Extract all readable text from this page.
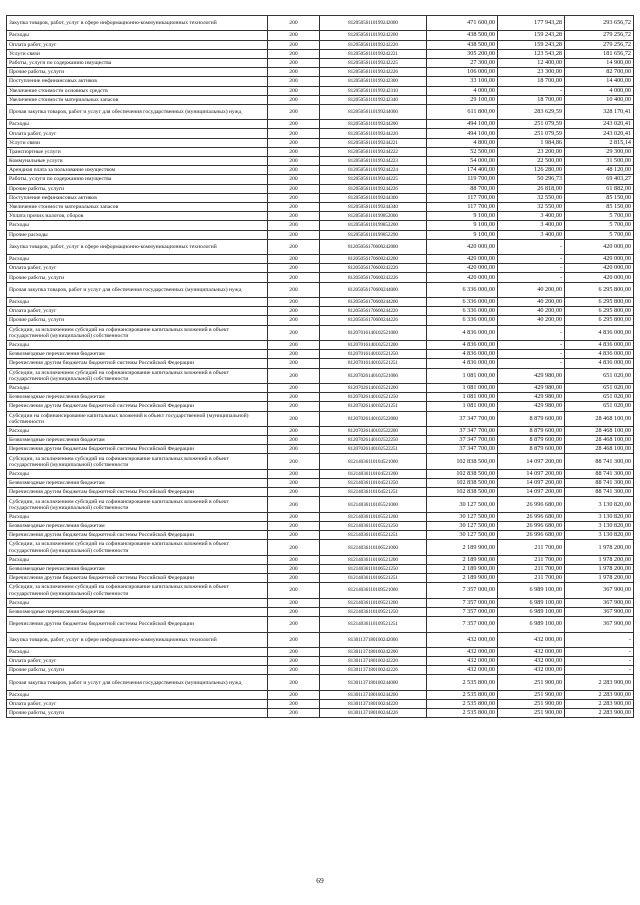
Закупка товаров, работ, услуг в сфере информационно-коммуникационных технологий	200	81205056110199242000	471 600,00	177 943,28	293 656,72
Расходы	200	81205056110199242200	438 500,00	159 243,28	279 256,72
Оплата работ, услуг	200	81205056110199242220	438 500,00	159 243,28	279 256,72
Услуги связи	200	81205056110199242221	305 200,00	123 543,28	181 656,72
Работы, услуги по содержанию имущества	200	81205056110199242225	27 300,00	12 400,00	14 900,00
Прочие работы, услуги	200	81205056110199242226	106 000,00	23 300,00	82 700,00
Поступление нефинансовых активов	200	81205056110199242300	33 100,00	18 700,00	14 400,00
Увеличение стоимости основных средств	200	81205056110199242310	4 000,00	-	4 000,00
Увеличение стоимости материальных запасов	200	81205056110199242340	29 100,00	18 700,00	10 400,00
Прочая закупка товаров, работ и услуг для обеспечения государственных (муниципальных) нужд	200	81205056110199244000	611 800,00	283 629,59	328 170,41
Расходы	200	81205056110199244200	494 100,00	251 079,59	243 020,41
Оплата работ, услуг	200	81205056110199244220	494 100,00	251 079,59	243 020,41
Услуги связи	200	81205056110199244221	4 800,00	1 984,86	2 815,14
Транспортные услуги	200	81205056110199244222	52 500,00	23 200,00	29 300,00
Коммунальные услуги	200	81205056110199244223	54 000,00	22 500,00	31 500,00
Арендная плата за пользование имуществом	200	81205056110199244224	174 400,00	126 280,00	48 120,00
Работы, услуги по содержанию имущества	200	81205056110199244225	119 700,00	50 296,73	69 403,27
Прочие работы, услуги	200	81205056110199244226	88 700,00	26 818,00	61 882,00
Поступление нефинансовых активов	200	81205056110199244300	117 700,00	32 550,00	85 150,00
Увеличение стоимости материальных запасов	200	81205056110199244340	117 700,00	32 550,00	85 150,00
Уплата прочих налогов, сборов	200	81205056110199852000	9 100,00	3 400,00	5 700,00
Расходы	200	81205056110199852200	9 100,00	3 400,00	5 700,00
Прочие расходы	200	81205056110199852290	9 100,00	3 400,00	5 700,00
Закупка товаров, работ, услуг в сфере информационно-коммуникационных технологий	200	81205056170600242000	420 000,00	-	420 000,00
Расходы	200	81205056170600242200	420 000,00	-	420 000,00
Оплата работ, услуг	200	81205056170600242220	420 000,00	-	420 000,00
Прочие работы, услуги	200	81205056170600242226	420 000,00	-	420 000,00
Прочая закупка товаров, работ и услуг для обеспечения государственных (муниципальных) нужд	200	81205056170600244000	6 336 000,00	40 200,00	6 295 800,00
Расходы	200	81205056170600244200	6 336 000,00	40 200,00	6 295 800,00
Оплата работ, услуг	200	81205056170600244220	6 336 000,00	40 200,00	6 295 800,00
Прочие работы, услуги	200	81205056170600244226	6 336 000,00	40 200,00	6 295 800,00
Субсидии, за исключением субсидий на софинансирование капитальных вложений в объект государственной (муниципальной) собственности	200	81207016140102521000	4 836 000,00	-	4 836 000,00
Расходы	200	81207016140102521200	4 836 000,00	-	4 836 000,00
Безвозмездные перечисления бюджетам	200	81207016140102521250	4 836 000,00	-	4 836 000,00
Перечисления другим бюджетам бюджетной системы Российской Федерации	200	81207016140102521251	4 836 000,00	-	4 836 000,00
Субсидии, за исключением субсидий на софинансирование капитальных вложений в объект государственной (муниципальной) собственности	200	81207026140102521000	1 081 000,00	429 980,00	651 020,00
Расходы	200	81207026140102521200	1 081 000,00	429 980,00	651 020,00
Безвозмездные перечисления бюджетам	200	81207026140102521250	1 081 000,00	429 980,00	651 020,00
Перечисления другим бюджетам бюджетной системы Российской Федерации	200	81207026140102521251	1 081 000,00	429 980,00	651 020,00
Субсидии на софинансирование капитальных вложений в объект государственной (муниципальной) собственности	200	81207026140102522000	37 347 700,00	8 879 600,00	28 468 100,00
Расходы	200	81207026140102522200	37 347 700,00	8 879 600,00	28 468 100,00
Безвозмездные перечисления бюджетам	200	81207026140102522250	37 347 700,00	8 879 600,00	28 468 100,00
Перечисления другим бюджетам бюджетной системы Российской Федерации	200	81207026140102522251	37 347 700,00	8 879 600,00	28 468 100,00
Субсидии, за исключением субсидий на софинансирование капитальных вложений в объект государственной (муниципальной) собственности	200	81214036110104521000	102 838 500,00	14 097 200,00	88 741 300,00
Расходы	200	81214036110104521200	102 838 500,00	14 097 200,00	88 741 300,00
Безвозмездные перечисления бюджетам	200	81214036110104521250	102 838 500,00	14 097 200,00	88 741 300,00
Перечисления другим бюджетам бюджетной системы Российской Федерации	200	81214036110104521251	102 838 500,00	14 097 200,00	88 741 300,00
Субсидии, за исключением субсидий на софинансирование капитальных вложений в объект государственной (муниципальной) собственности	200	81214036110105521000	30 127 500,00	26 996 680,00	3 130 820,00
Расходы	200	81214036110105521200	30 127 500,00	26 996 680,00	3 130 820,00
Безвозмездные перечисления бюджетам	200	81214036110105521250	30 127 500,00	26 996 680,00	3 130 820,00
Перечисления другим бюджетам бюджетной системы Российской Федерации	200	81214036110105521251	30 127 500,00	26 996 680,00	3 130 820,00
Субсидии, за исключением субсидий на софинансирование капитальных вложений в объект государственной (муниципальной) собственности	200	81214036110106521000	2 189 900,00	211 700,00	1 978 200,00
Расходы	200	81214036110106521200	2 189 900,00	211 700,00	1 978 200,00
Безвозмездные перечисления бюджетам	200	81214036110106521250	2 189 900,00	211 700,00	1 978 200,00
Перечисления другим бюджетам бюджетной системы Российской Федерации	200	81214036110106521251	2 189 900,00	211 700,00	1 978 200,00
Субсидии, за исключением субсидий на софинансирование капитальных вложений в объект государственной (муниципальной) собственности	200	81214036110109521000	7 357 000,00	6 989 100,00	367 900,00
Расходы	200	81214036110109521200	7 357 000,00	6 989 100,00	367 900,00
Безвозмездные перечисления бюджетам	200	81214036110109521250	7 357 000,00	6 989 100,00	367 900,00
Перечисления другим бюджетам бюджетной системы Российской Федерации	200	81214036110109521251	7 357 000,00	6 989 100,00	367 900,00
Закупка товаров, работ, услуг в сфере информационно-коммуникационных технологий	200	81301137180100242000	432 000,00	432 000,00	-
Расходы	200	81301137180100242200	432 000,00	432 000,00	-
Оплата работ, услуг	200	81301137180100242220	432 000,00	432 000,00	-
Прочие работы, услуги	200	81301137180100242226	432 000,00	432 000,00	-
Прочая закупка товаров, работ и услуг для обеспечения государственных (муниципальных) нужд	200	81301137180100244000	2 535 800,00	251 900,00	2 283 900,00
Расходы	200	81301137180100244200	2 535 800,00	251 900,00	2 283 900,00
Оплата работ, услуг	200	81301137180100244220	2 535 800,00	251 900,00	2 283 900,00
Прочие работы, услуги	200	81301137180100244226	2 535 800,00	251 900,00	2 283 900,00
69
